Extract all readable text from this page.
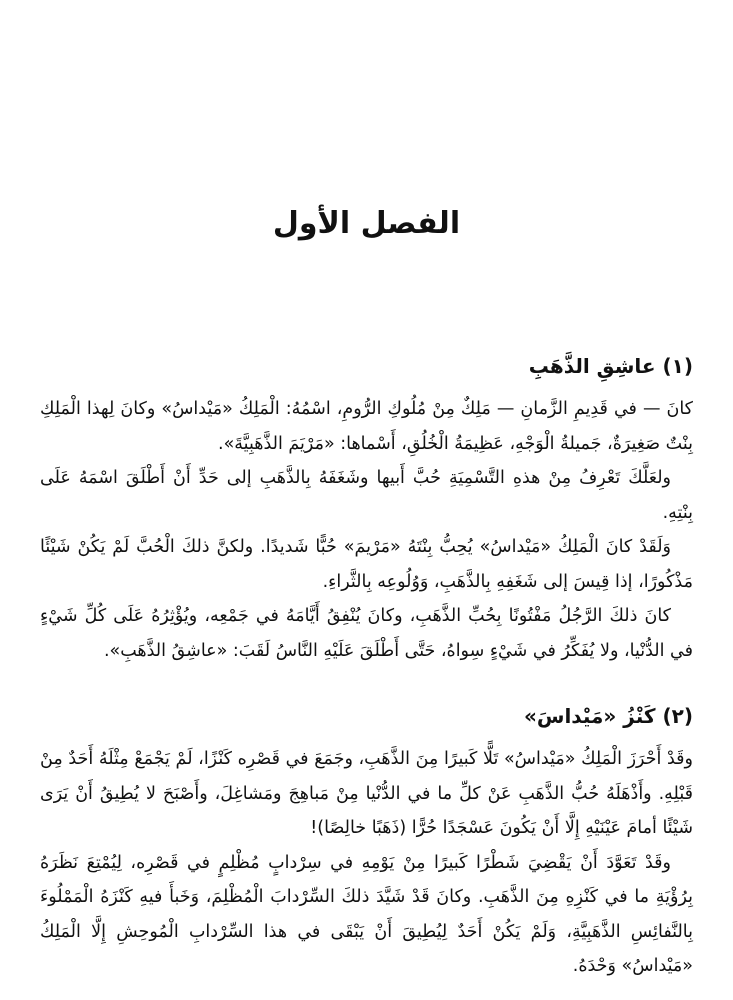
الفصل الأول
(١) عاشِقِ الذَّهَبِ

كانَ — في قَدِيمِ الزَّمانِ — مَلِكٌ مِنْ مُلُوكِ الرُّومِ، اسْمُهُ: الْمَلِكُ «مَيْداسُ» وكانَ لِهذا الْمَلِكِ بِنْتٌ صَغِيرَةٌ، جَميلةُ الْوَجْهِ، عَظِيمَةُ الْخُلُقِ، أَسْماها: «مَرْيَمَ الذَّهَبِيَّةَ».

ولعَلَّكَ تَعْرِفُ مِنْ هذهِ التَّسْمِيَةِ حُبَّ أَبيها وشَغَفَهُ بِالذَّهَبِ إلى حَدِّ أَنْ أَطْلَقَ اسْمَهُ عَلَى بِنْتِهِ.

وَلَقَدْ كانَ الْمَلِكُ «مَيْداسُ» يُحِبُّ بِنْتَهُ «مَرْيمَ» حُبًّا شَديدًا. ولكنَّ ذلكَ الْحُبَّ لَمْ يَكُنْ شَيْئًا مَذْكُورًا، إذا قِيسَ إلى شَغَفِهِ بِالذَّهَبِ، وَوُلُوعِه بِالثَّراءِ.

كانَ ذلكَ الرَّجُلُ مَفْتُونًا بِحُبِّ الذَّهَبِ، وكانَ يُنْفِقُ أَيَّامَهُ في جَمْعِه، ويُؤْثِرُهُ عَلَى كُلِّ شَيْءٍ في الدُّنْيا، ولا يُفَكِّرُ في شَيْءٍ سِواهُ، حَتَّى أَطْلَقَ عَلَيْهِ النَّاسُ لَقَبَ: «عاشِقُ الذَّهَبِ».

(٢) كَنْزُ «مَيْداسَ»

وقَدْ أَحْرَزَ الْمَلِكُ «مَيْداسُ» تَلًّا كَبيرًا مِنَ الذَّهَبِ، وجَمَعَ في قَصْرِه كَنْزًا، لَمْ يَجْمَعْ مِثْلَهُ أَحَدٌ مِنْ قَبْلِهِ. وأَذْهَلَهُ حُبُّ الذَّهَبِ عَنْ كلِّ ما في الدُّنْيا مِنْ مَباهِجَ ومَشاغِلَ، وأَصْبَحَ لا يُطِيقُ أَنْ يَرَى شَيْئًا أمامَ عَيْنَيْهِ إِلَّا أَنْ يَكُونَ عَسْجَدًا حُرًّا (ذَهَبًا خالِصًا)!

وقَدْ تَعَوَّدَ أَنْ يَقْضِيَ شَطْرًا كَبيرًا مِنْ يَوْمِهِ في سِرْدابٍ مُظْلِمٍ في قَصْرِه، لِيُمْتِعَ نَظَرَهُ بِرُؤْيَةِ ما في كَنْزِهِ مِنَ الذَّهَبِ. وكانَ قَدْ شَيَّدَ ذلكَ السِّرْدابَ الْمُظْلِمَ، وَخَبأَ فيهِ كَنْزَهُ الْمَمْلُوءَ بِالنَّفائِسِ الذَّهَبِيَّةِ، وَلَمْ يَكُنْ أَحَدٌ لِيُطِيقَ أَنْ يَبْقَى في هذا السِّرْدابِ الْمُوحِشِ إِلَّا الْمَلِكُ «مَيْداسُ» وَحْدَهُ.
